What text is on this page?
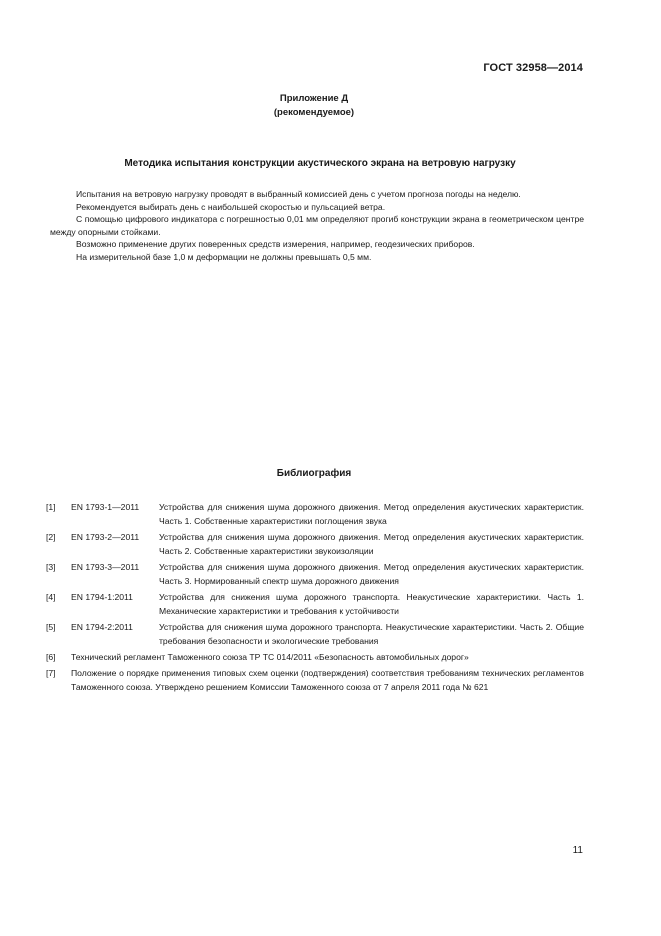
ГОСТ 32958—2014
Приложение Д
(рекомендуемое)
Методика испытания конструкции акустического экрана на ветровую нагрузку

Испытания на ветровую нагрузку проводят в выбранный комиссией день с учетом прогноза погоды на неделю.

Рекомендуется выбирать день с наибольшей скоростью и пульсацией ветра.

С помощью цифрового индикатора с погрешностью 0,01 мм определяют прогиб конструкции экрана в геометрическом центре между опорными стойками.

Возможно применение других поверенных средств измерения, например, геодезических приборов.

На измерительной базе 1,0 м деформации не должны превышать 0,5 мм.

Библиография
[1] EN 1793-1—2011 Устройства для снижения шума дорожного движения. Метод определения акустических характеристик. Часть 1. Собственные характеристики поглощения звука
[2] EN 1793-2—2011 Устройства для снижения шума дорожного движения. Метод определения акустических характеристик. Часть 2. Собственные характеристики звукоизоляции
[3] EN 1793-3—2011 Устройства для снижения шума дорожного движения. Метод определения акустических характеристик. Часть 3. Нормированный спектр шума дорожного движения
[4] EN 1794-1:2011	Устройства для снижения шума дорожного транспорта. Неакустические характеристики. Часть 1. Механические характеристики и требования к устойчивости
[5] EN 1794-2:2011	Устройства для снижения шума дорожного транспорта. Неакустические характеристики. Часть 2. Общие требования безопасности и экологические требования
[6] Технический регламент Таможенного союза ТР ТС 014/2011 «Безопасность автомобильных дорог»
[7] Положение о порядке применения типовых схем оценки (подтверждения) соответствия требованиям технических регламентов Таможенного союза. Утверждено решением Комиссии Таможенного союза от 7 апреля 2011 года № 621
11
